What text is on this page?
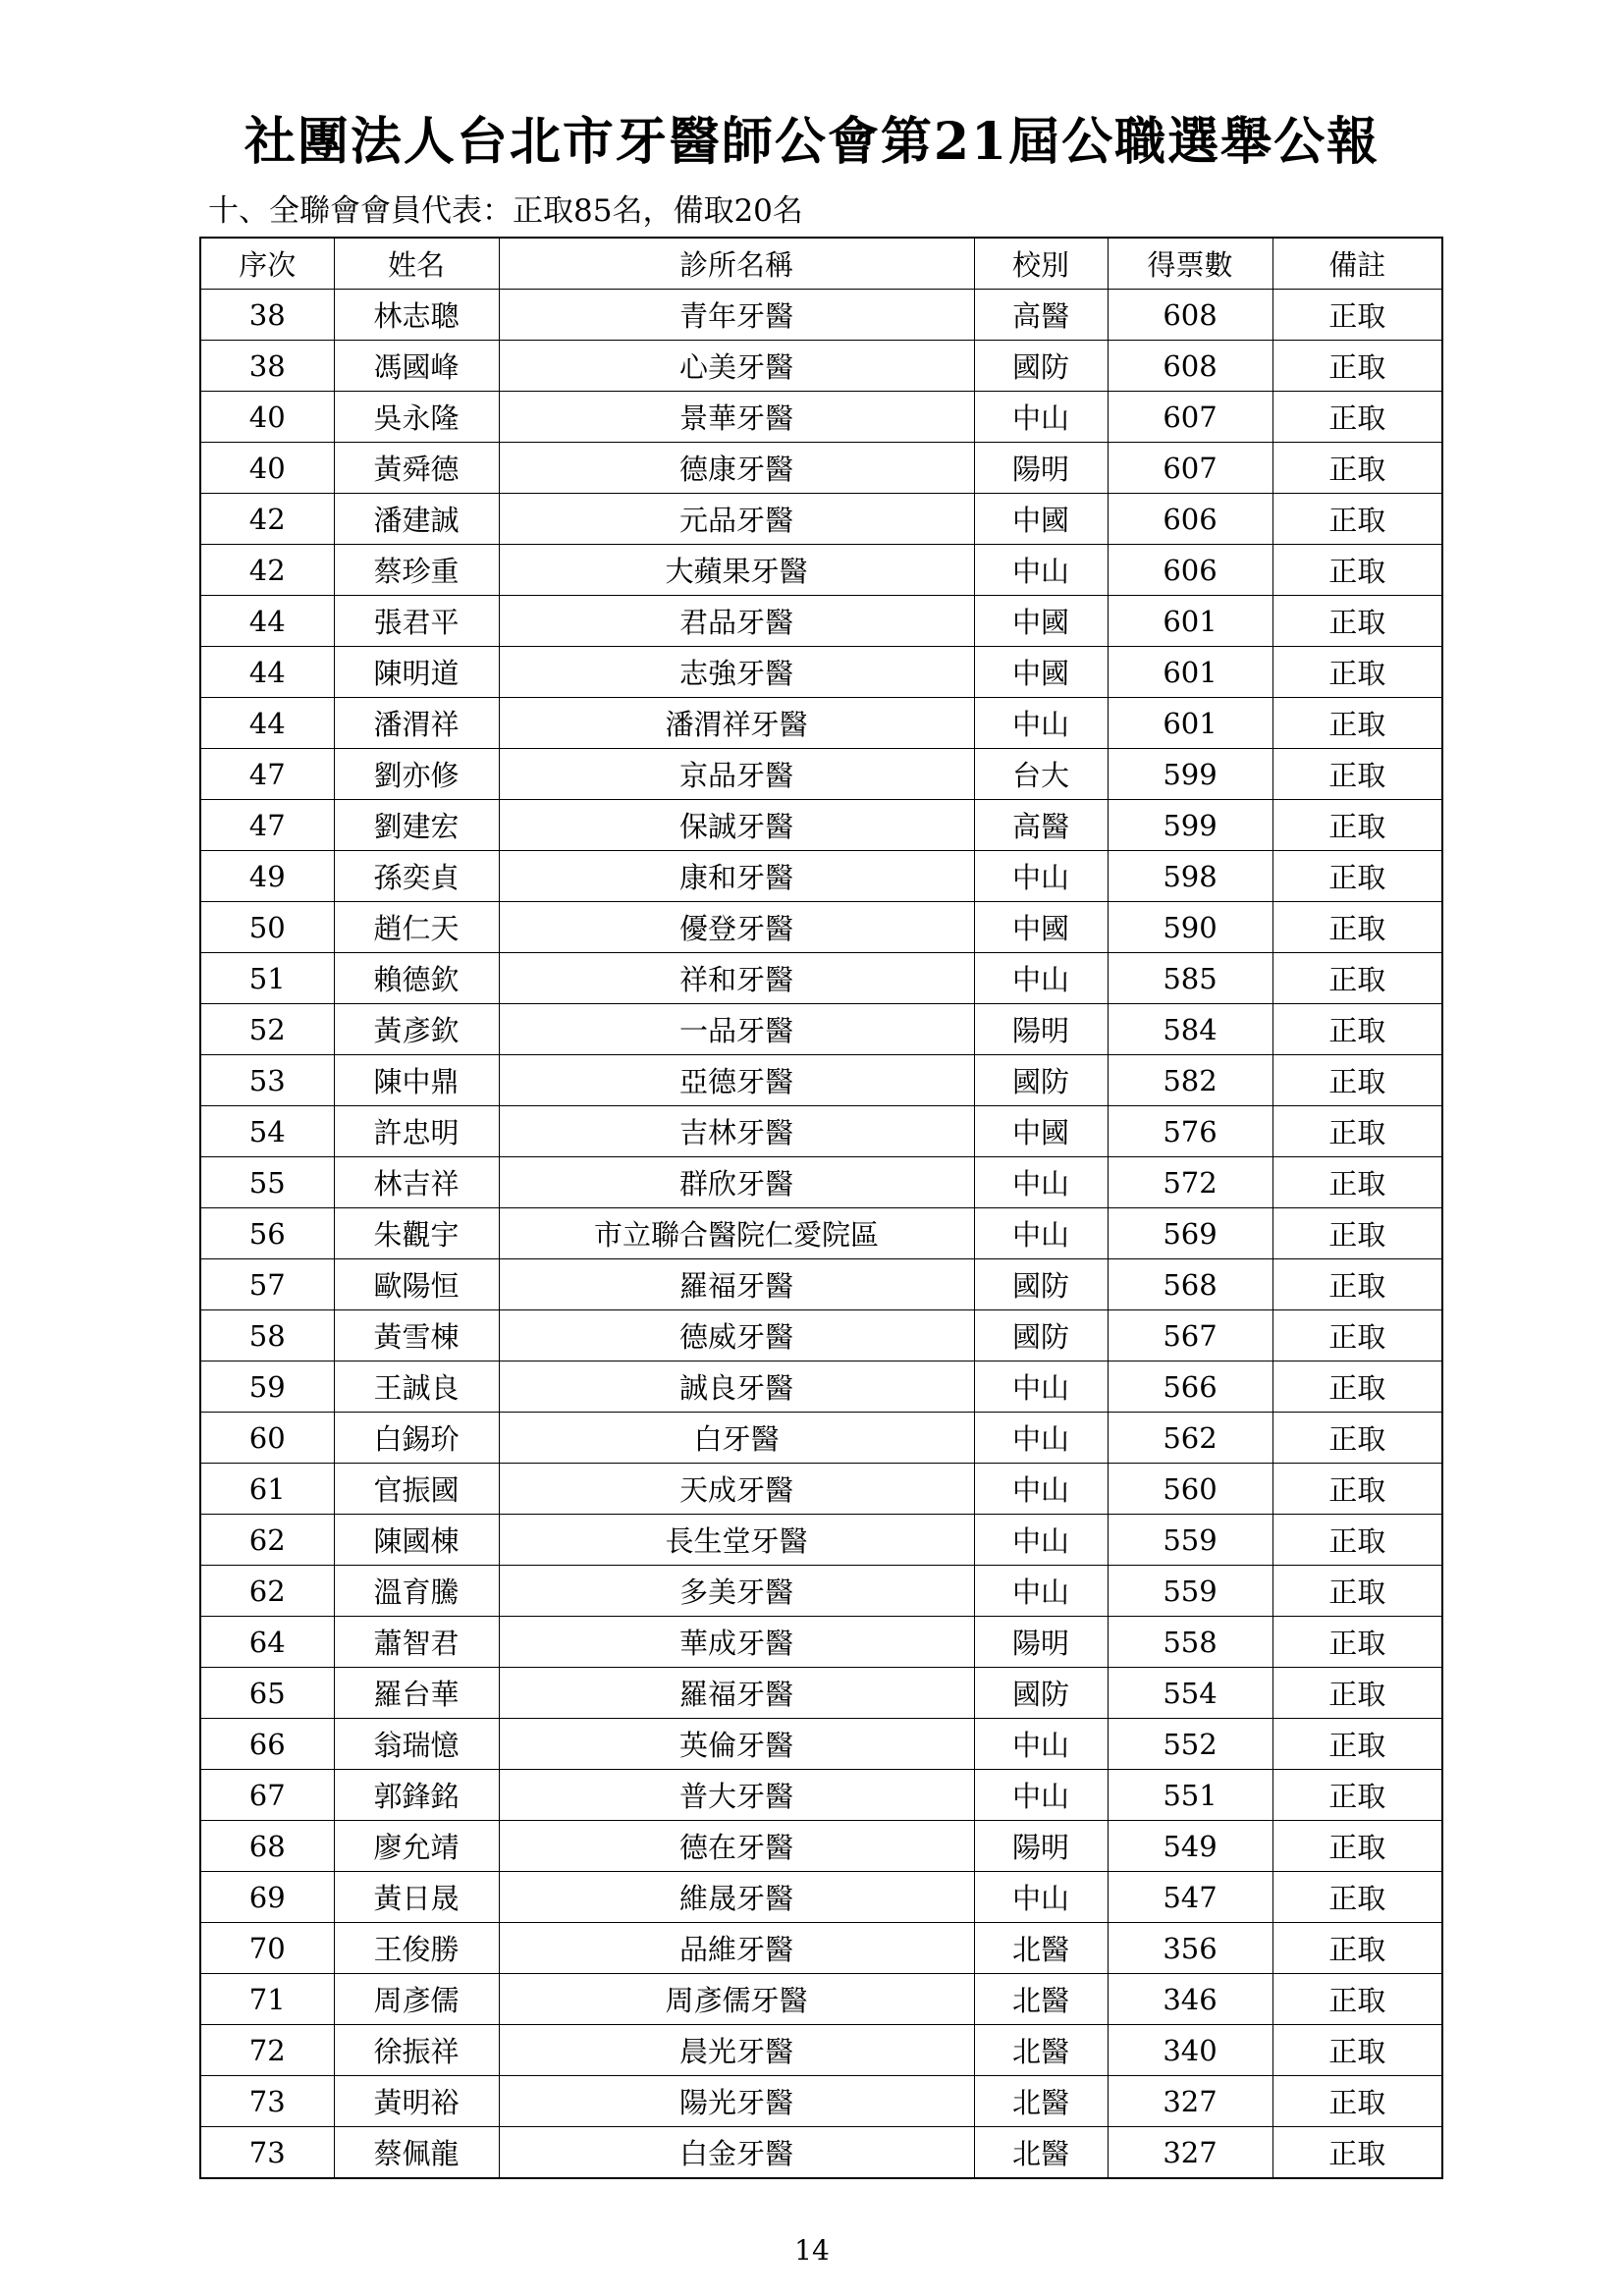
社團法人台北市牙醫師公會第21屆公職選舉公報
十、全聯會會員代表：正取85名，備取20名
序次	姓名	診所名稱	校別	得票數	備註
38	林志聰	青年牙醫	高醫	608	正取
38	馮國峰	心美牙醫	國防	608	正取
40	吳永隆	景華牙醫	中山	607	正取
40	黃舜德	德康牙醫	陽明	607	正取
42	潘建誠	元品牙醫	中國	606	正取
42	蔡珍重	大蘋果牙醫	中山	606	正取
44	張君平	君品牙醫	中國	601	正取
44	陳明道	志強牙醫	中國	601	正取
44	潘渭祥	潘渭祥牙醫	中山	601	正取
47	劉亦修	京品牙醫	台大	599	正取
47	劉建宏	保誠牙醫	高醫	599	正取
49	孫奕貞	康和牙醫	中山	598	正取
50	趙仁天	優登牙醫	中國	590	正取
51	賴德欽	祥和牙醫	中山	585	正取
52	黃彥欽	一品牙醫	陽明	584	正取
53	陳中鼎	亞德牙醫	國防	582	正取
54	許忠明	吉林牙醫	中國	576	正取
55	林吉祥	群欣牙醫	中山	572	正取
56	朱觀宇	市立聯合醫院仁愛院區	中山	569	正取
57	歐陽恒	羅福牙醫	國防	568	正取
58	黃雪棟	德威牙醫	國防	567	正取
59	王誠良	誠良牙醫	中山	566	正取
60	白錫玠	白牙醫	中山	562	正取
61	官振國	天成牙醫	中山	560	正取
62	陳國棟	長生堂牙醫	中山	559	正取
62	溫育騰	多美牙醫	中山	559	正取
64	蕭智君	華成牙醫	陽明	558	正取
65	羅台華	羅福牙醫	國防	554	正取
66	翁瑞憶	英倫牙醫	中山	552	正取
67	郭鋒銘	普大牙醫	中山	551	正取
68	廖允靖	德在牙醫	陽明	549	正取
69	黃日晟	維晟牙醫	中山	547	正取
70	王俊勝	品維牙醫	北醫	356	正取
71	周彥儒	周彥儒牙醫	北醫	346	正取
72	徐振祥	晨光牙醫	北醫	340	正取
73	黃明裕	陽光牙醫	北醫	327	正取
73	蔡佩龍	白金牙醫	北醫	327	正取
14
